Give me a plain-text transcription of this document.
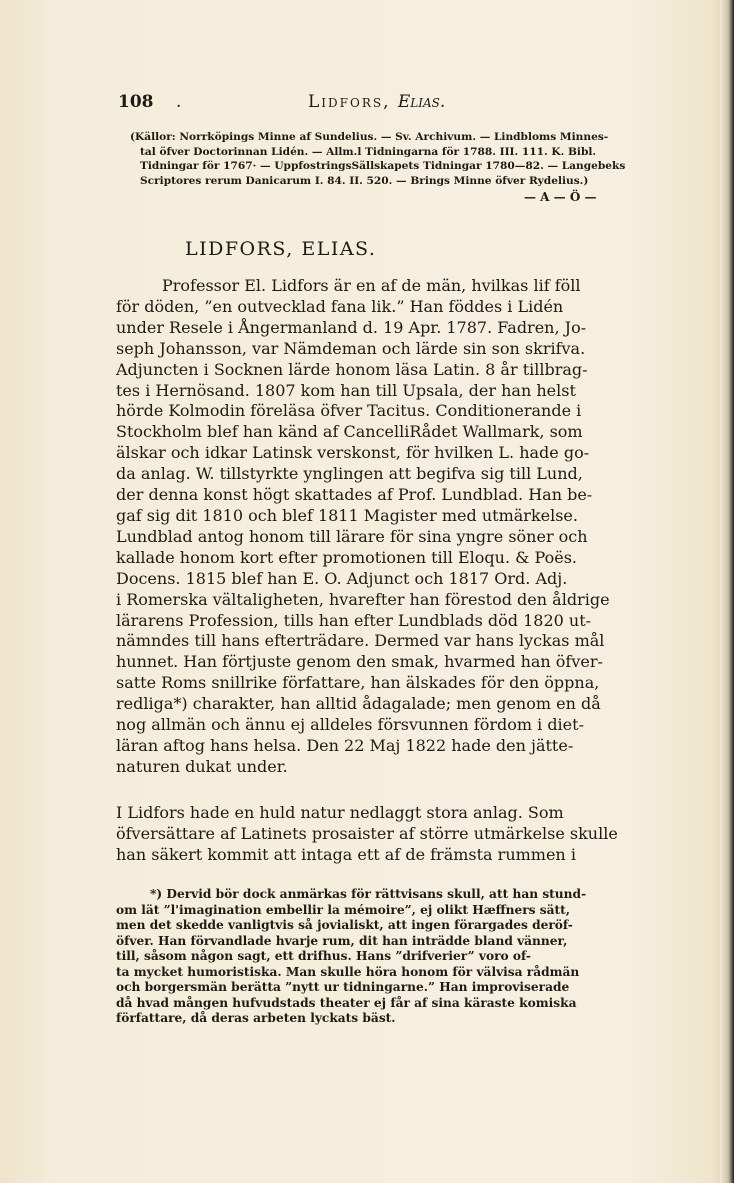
108 .	Lidfors, Elias.
(Källor: Norrköpings Minne af Sundelius. — Sv. Archivum. — Lindbloms Minnes-
tal öfver Doctorinnan Lidén. — Allm.l Tidningarna för 1788. III. 111. K. Bibl.
Tidningar för 1767· — UppfostringsSällskapets Tidningar 1780—82. — Langebeks
Scriptores rerum Danicarum I. 84. II. 520. — Brings Minne öfver Rydelius.)
— A — Ö —
LIDFORS, ELIAS.
Professor El. Lidfors är en af de män, hvilkas lif föll
för döden, ”en outvecklad fana lik.” Han föddes i Lidén
under Resele i Ångermanland d. 19 Apr. 1787. Fadren, Jo-
seph Johansson, var Nämdeman och lärde sin son skrifva.
Adjuncten i Socknen lärde honom läsa Latin. 8 år tillbrag-
tes i Hernösand. 1807 kom han till Upsala, der han helst
hörde Kolmodin föreläsa öfver Tacitus. Conditionerande i
Stockholm blef han känd af CancelliRådet Wallmark, som
älskar och idkar Latinsk verskonst, för hvilken L. hade go-
da anlag. W. tillstyrkte ynglingen att begifva sig till Lund,
der denna konst högt skattades af Prof. Lundblad. Han be-
gaf sig dit 1810 och blef 1811 Magister med utmärkelse.
Lundblad antog honom till lärare för sina yngre söner och
kallade honom kort efter promotionen till Eloqu. & Poës.
Docens. 1815 blef han E. O. Adjunct och 1817 Ord. Adj.
i Romerska vältaligheten, hvarefter han förestod den åldrige
lärarens Profession, tills han efter Lundblads död 1820 ut-
nämndes till hans efterträdare. Dermed var hans lyckas mål
hunnet. Han förtjuste genom den smak, hvarmed han öfver-
satte Roms snillrike författare, han älskades för den öppna,
redliga*) charakter, han alltid ådagalade; men genom en då
nog allmän och ännu ej alldeles försvunnen fördom i diet-
läran aftog hans helsa. Den 22 Maj 1822 hade den jätte-
naturen dukat under.
I Lidfors hade en huld natur nedlaggt stora anlag. Som
öfversättare af Latinets prosaister af större utmärkelse skulle
han säkert kommit att intaga ett af de främsta rummen i
*) Dervid bör dock anmärkas för rättvisans skull, att han stund-
om lät ”l'imagination embellir la mémoire”, ej olikt Hæffners sätt,
men det skedde vanligtvis så jovialiskt, att ingen förargades deröf-
öfver. Han förvandlade hvarje rum, dit han inträdde bland vänner,
till, såsom någon sagt, ett drifhus. Hans ”drifverier” voro of-
ta mycket humoristiska. Man skulle höra honom för välvisa rådmän
och borgersmän berätta ”nytt ur tidningarne.” Han improviserade
då hvad mången hufvudstads theater ej får af sina käraste komiska
författare, då deras arbeten lyckats bäst.
